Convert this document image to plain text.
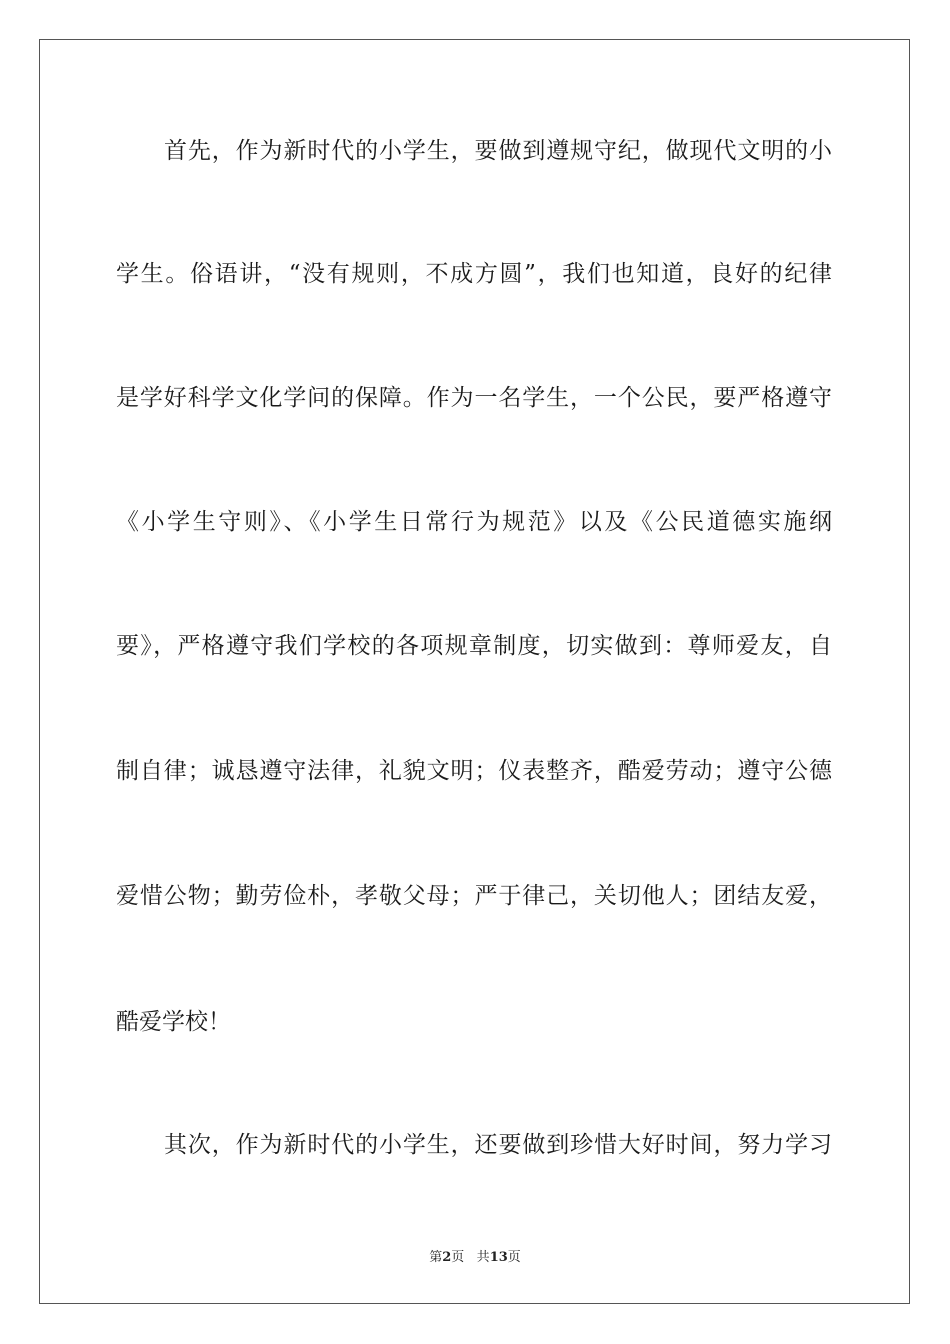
首先，作为新时代的小学生，要做到遵规守纪，做现代文明的小
学生。俗语讲，“没有规则，不成方圆”，我们也知道，良好的纪律
是学好科学文化学问的保障。作为一名学生，一个公民，要严格遵守
《小学生守则》、《小学生日常行为规范》以及《公民道德实施纲
要》，严格遵守我们学校的各项规章制度，切实做到：尊师爱友，自
制自律；诚恳遵守法律，礼貌文明；仪表整齐，酷爱劳动；遵守公德
爱惜公物；勤劳俭朴，孝敬父母；严于律己，关切他人；团结友爱，
酷爱学校！
其次，作为新时代的小学生，还要做到珍惜大好时间，努力学习
第2页 共13页
